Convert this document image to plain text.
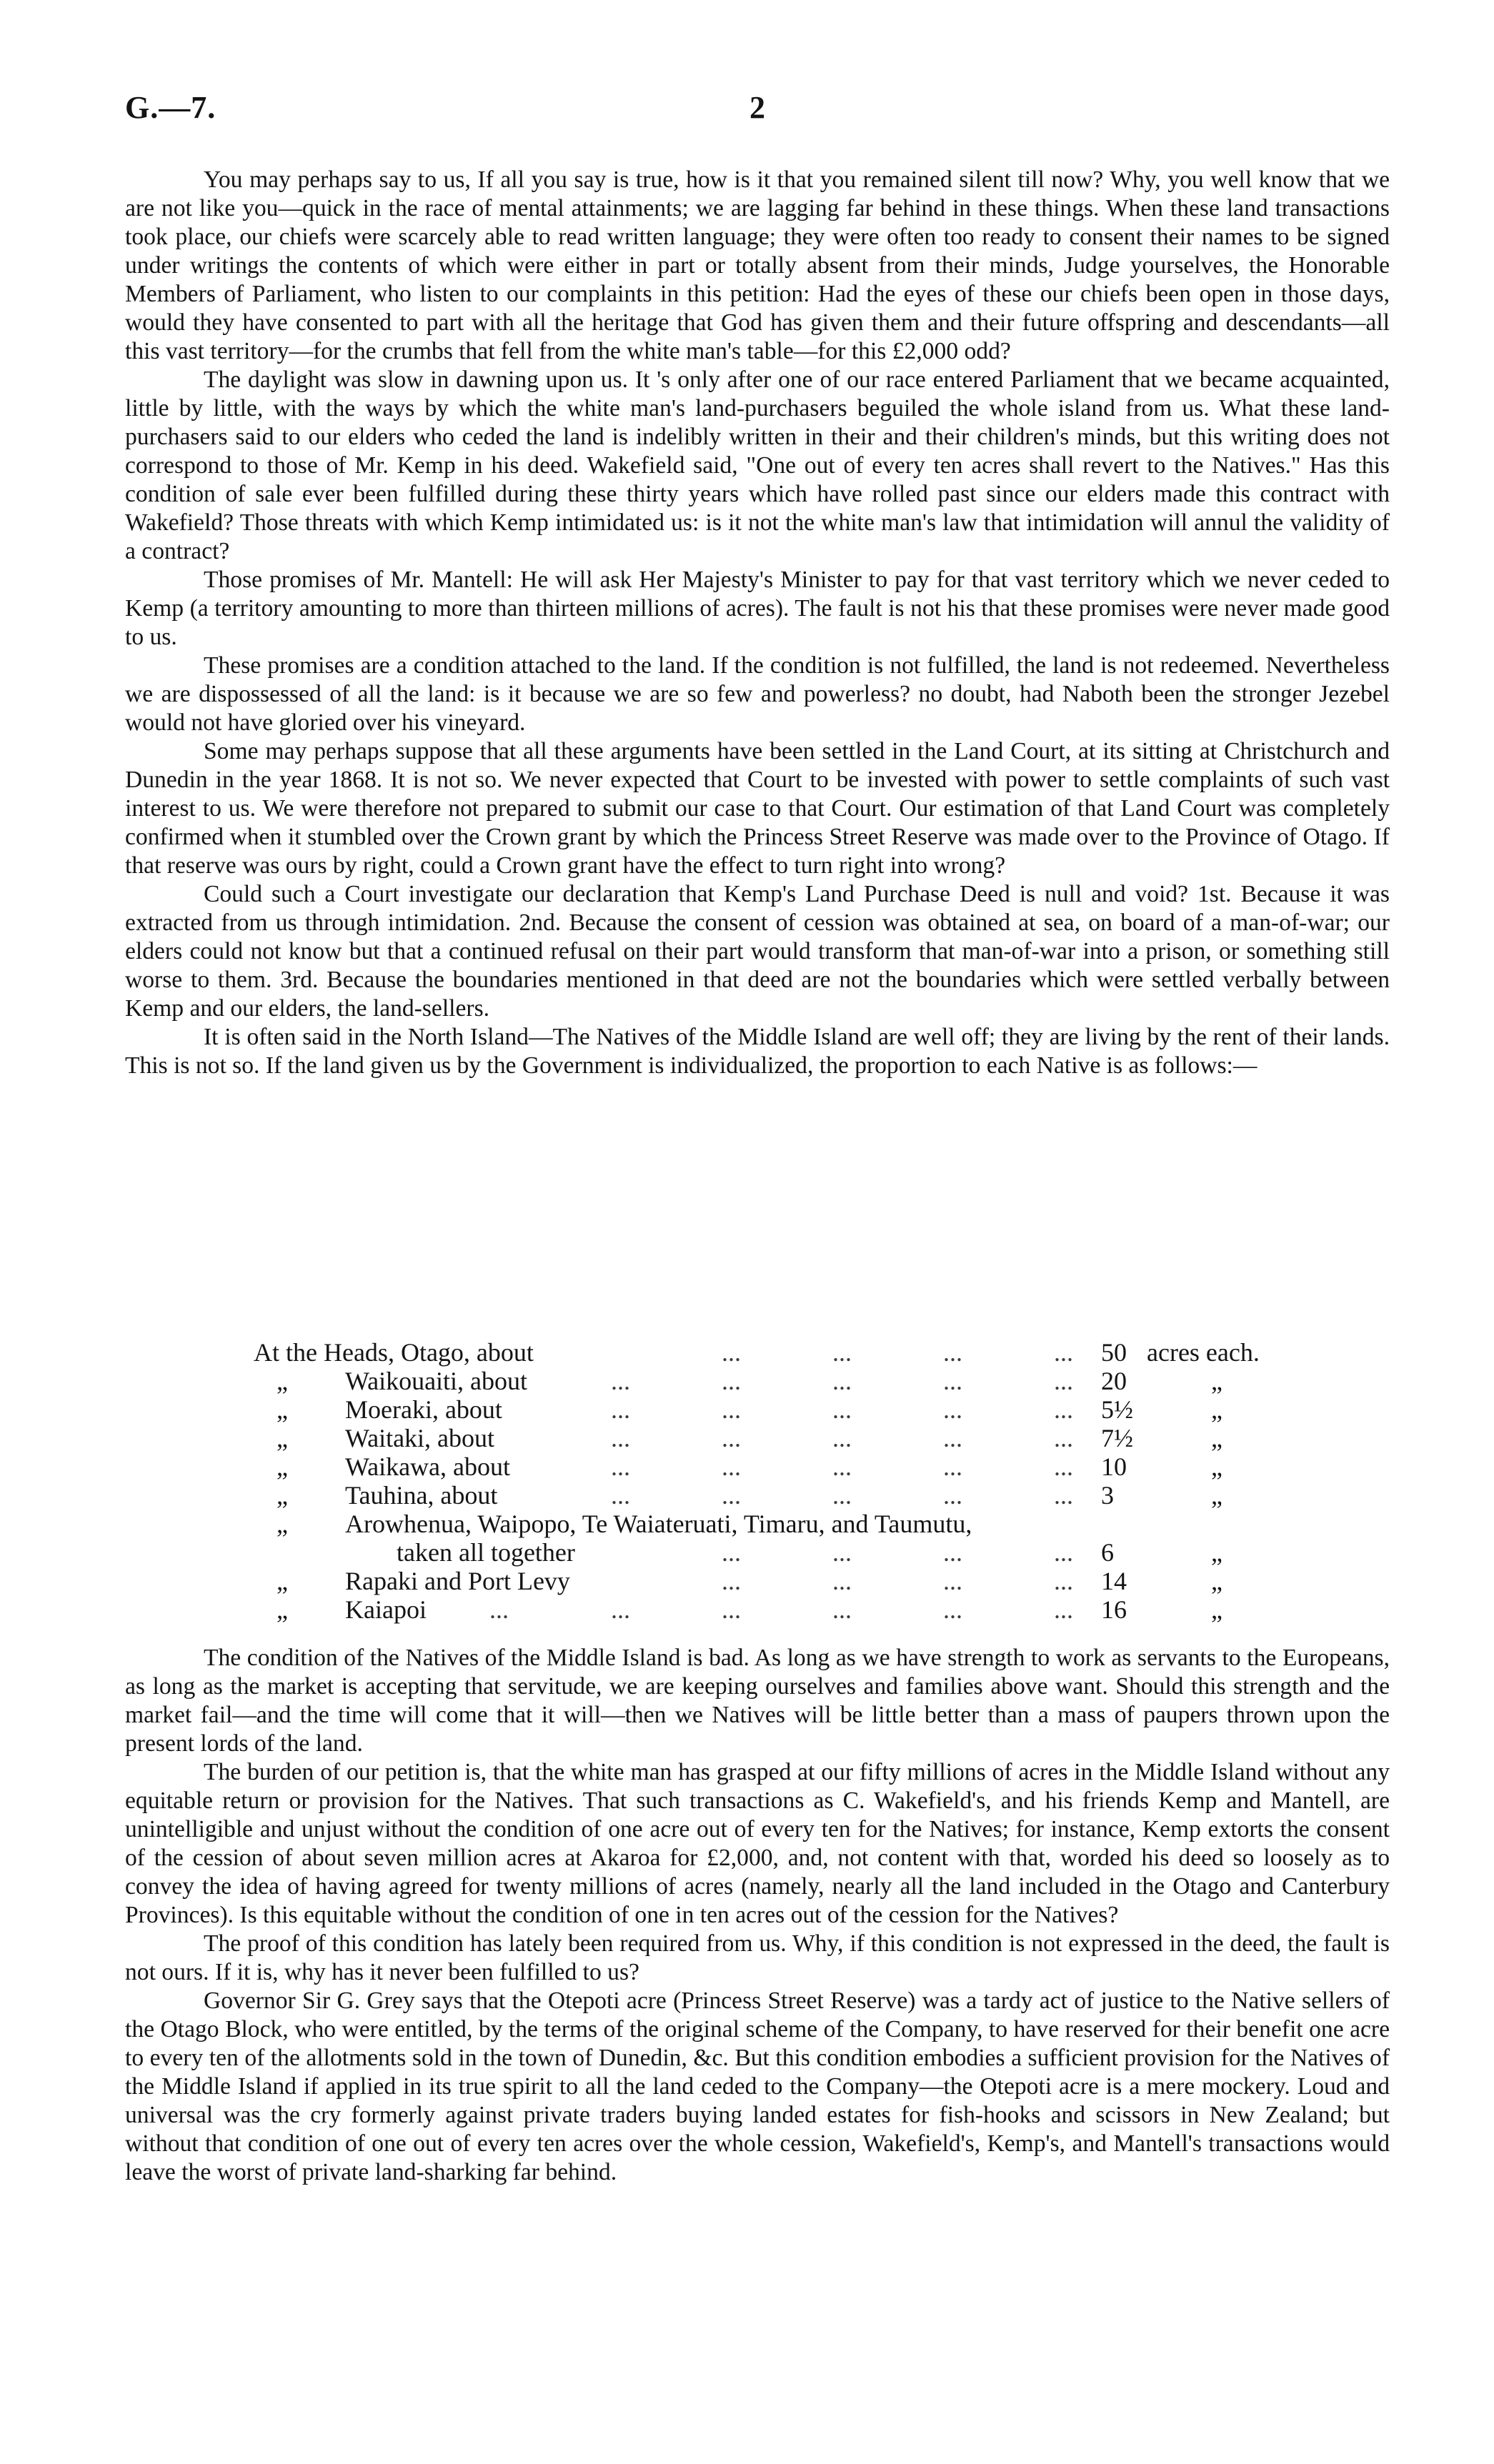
G.—7.	2

You may perhaps say to us, If all you say is true, how is it that you remained silent till now? Why, you well know that we are not like you—quick in the race of mental attainments; we are lagging far behind in these things. When these land transactions took place, our chiefs were scarcely able to read written language; they were often too ready to consent their names to be signed under writings the contents of which were either in part or totally absent from their minds, Judge yourselves, the Honorable Members of Parliament, who listen to our complaints in this petition: Had the eyes of these our chiefs been open in those days, would they have consented to part with all the heritage that God has given them and their future offspring and descendants—all this vast territory—for the crumbs that fell from the white man's table—for this £2,000 odd?

The daylight was slow in dawning upon us. It 's only after one of our race entered Parliament that we became acquainted, little by little, with the ways by which the white man's land-purchasers beguiled the whole island from us. What these land-purchasers said to our elders who ceded the land is indelibly written in their and their children's minds, but this writing does not correspond to those of Mr. Kemp in his deed. Wakefield said, "One out of every ten acres shall revert to the Natives." Has this condition of sale ever been fulfilled during these thirty years which have rolled past since our elders made this contract with Wakefield? Those threats with which Kemp intimidated us: is it not the white man's law that intimidation will annul the validity of a contract?

Those promises of Mr. Mantell: He will ask Her Majesty's Minister to pay for that vast territory which we never ceded to Kemp (a territory amounting to more than thirteen millions of acres). The fault is not his that these promises were never made good to us.

These promises are a condition attached to the land. If the condition is not fulfilled, the land is not redeemed. Nevertheless we are dispossessed of all the land: is it because we are so few and powerless? no doubt, had Naboth been the stronger Jezebel would not have gloried over his vineyard.

Some may perhaps suppose that all these arguments have been settled in the Land Court, at its sitting at Christchurch and Dunedin in the year 1868. It is not so. We never expected that Court to be invested with power to settle complaints of such vast interest to us. We were therefore not prepared to submit our case to that Court. Our estimation of that Land Court was completely confirmed when it stumbled over the Crown grant by which the Princess Street Reserve was made over to the Province of Otago. If that reserve was ours by right, could a Crown grant have the effect to turn right into wrong?

Could such a Court investigate our declaration that Kemp's Land Purchase Deed is null and void? 1st. Because it was extracted from us through intimidation. 2nd. Because the consent of cession was obtained at sea, on board of a man-of-war; our elders could not know but that a continued refusal on their part would transform that man-of-war into a prison, or something still worse to them. 3rd. Because the boundaries mentioned in that deed are not the boundaries which were settled verbally between Kemp and our elders, the land-sellers.

It is often said in the North Island—The Natives of the Middle Island are well off; they are living by the rent of their lands. This is not so. If the land given us by the Government is individualized, the proportion to each Native is as follows:—

At the Heads, Otago, about	...	...	...	... 50 acres each.
„ Waikouaiti, about	...	...	...	...	... 20	„
„ Moeraki, about	...	...	...	...	... 5½	„
„ Waitaki, about	...	...	...	...	... 7½	„
„ Waikawa, about	...	...	...	...	... 10	„
„ Tauhina, about	...	...	...	...	... 3	„
„ Arowhenua, Waipopo, Te Waiateruati, Timaru, and Taumutu,
taken all together	...	...	...	... 6	„
„ Rapaki and Port Levy	...	...	...	... 14	„
„ Kaiapoi ...	...	...	...	...	... 16	„

The condition of the Natives of the Middle Island is bad. As long as we have strength to work as servants to the Europeans, as long as the market is accepting that servitude, we are keeping ourselves and families above want. Should this strength and the market fail—and the time will come that it will—then we Natives will be little better than a mass of paupers thrown upon the present lords of the land.

The burden of our petition is, that the white man has grasped at our fifty millions of acres in the Middle Island without any equitable return or provision for the Natives. That such transactions as C. Wakefield's, and his friends Kemp and Mantell, are unintelligible and unjust without the condition of one acre out of every ten for the Natives; for instance, Kemp extorts the consent of the cession of about seven million acres at Akaroa for £2,000, and, not content with that, worded his deed so loosely as to convey the idea of having agreed for twenty millions of acres (namely, nearly all the land included in the Otago and Canterbury Provinces). Is this equitable without the condition of one in ten acres out of the cession for the Natives?

The proof of this condition has lately been required from us. Why, if this condition is not expressed in the deed, the fault is not ours. If it is, why has it never been fulfilled to us?

Governor Sir G. Grey says that the Otepoti acre (Princess Street Reserve) was a tardy act of justice to the Native sellers of the Otago Block, who were entitled, by the terms of the original scheme of the Company, to have reserved for their benefit one acre to every ten of the allotments sold in the town of Dunedin, &c. But this condition embodies a sufficient provision for the Natives of the Middle Island if applied in its true spirit to all the land ceded to the Company—the Otepoti acre is a mere mockery. Loud and universal was the cry formerly against private traders buying landed estates for fish-hooks and scissors in New Zealand; but without that condition of one out of every ten acres over the whole cession, Wakefield's, Kemp's, and Mantell's transactions would leave the worst of private land-sharking far behind.
